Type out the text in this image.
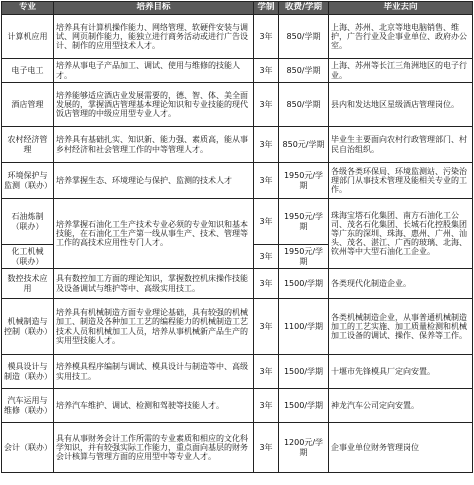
专业	培养目标	学制	收费/学期	毕业去向
计算机应用	培养具有计算机操作能力、网络管理、软硬件安装与调试、网页制作能力，能独立进行商务活动或进行广告设计、制作的应用型技术人才。	3年	850/学期	上海、苏州、北京等地电脑销售、维护，广告行业及企事业单位、政府办公室。
电子电工	培养从事电子产品加工、调试、使用与维修的技能人才。	3年	850/学期	上海、苏州等长江三角洲地区的电子行业。
酒店管理	培养能够适应酒店业发展需要的，德、智、体、美全面发展的，掌握酒店管理基本理论知识和专业技能的现代饭店管理的中级应用型专业人才。	3年	850/学期	县内和发达地区星级酒店管理岗位。
农村经济管理	培养具有基础扎实、知识新、能力强、素质高，能从事乡村经济和社会管理工作的中等管理人才。	3年	850元/学期	毕业生主要面向农村行政管理部门、村民自治组织。
环境保护与监测（联办）	培养掌握生态、环境理论与保护、监测的技术人才	3年	1950元/学期	各级各类环保局、环境监测站、污染治理部门从事技术管理及能相关专业的工作。
石油炼制（联办）	培养掌握石油化工生产技术专业必须的专业知识和基本技能，在石油化工生产第一线从事生产、技术、管理等工作的高技术应用性专门人才。	3年	1950元/学期	珠海宝塔石化集团、南方石油化工公司、茂名石化集团、长城石化控股集团等广东的深圳、珠海、惠州、广州、汕头、茂名、湛江、广西的玻璃、北海、钦州等中大型石油化工企业。
化工机械（联办）		3年	1950元/学期	
数控技术应用	具有数控加工方面的理论知识，掌握数控机床操作技能及设备调试与维护等中、高级实用技工。	3年	1500/学期	各类现代化制造企业。
机械制造与控制（联办）	培养具有机械制造方面专业理论基础，具有较强的机械加工、制造及各种加工工艺的编程能力的机械制造工艺技术人员和机械加工人员，培养从事机械新产品生产的实用型技能人才。	3年	1100/学期	各类机械制造企业，从事普通机械制造加工的工艺实施、加工质量检测和机械加工设备的调试、操作、保养等工作。
模具设计与制造（联办）	培养模具程序编制与调试、模具设计与制造等中、高级实用技工。	3年	1500/学期	十堰市先锋模具厂定向安置。
汽车运用与维修（联办）	培养汽车维护、调试、检测和驾驶等技能人才。	3年	1500/学期	神龙汽车公司定向安置。
会计（联办）	具有从事财务会计工作所需的专业素质和相应的文化科学知识，并有较强实际工作能力，重点面向基层的财务会计核算与管理方面的应用型中等专业人才。	3年	1200元/学期	企事业单位财务管理岗位
